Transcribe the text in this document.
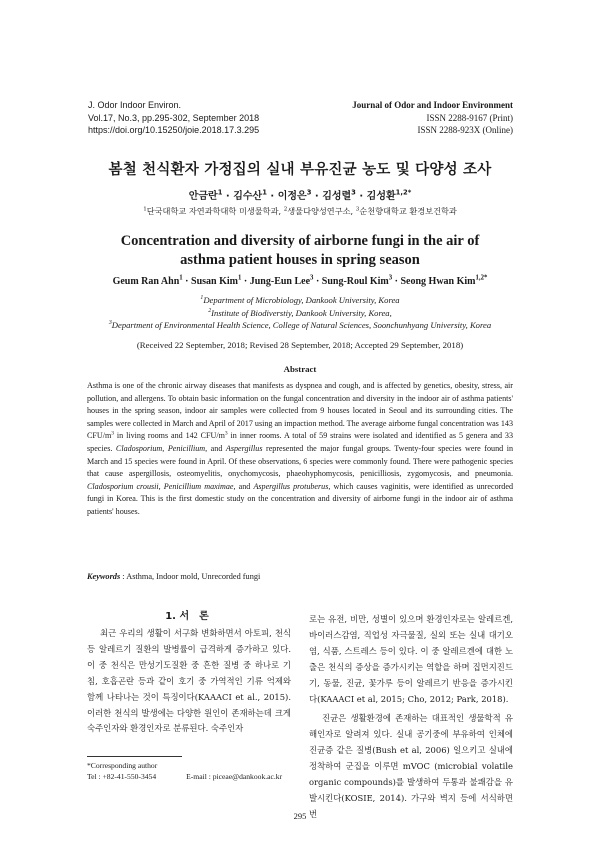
J. Odor Indoor Environ.
Vol.17, No.3, pp.295-302, September 2018
https://doi.org/10.15250/joie.2018.17.3.295
Journal of Odor and Indoor Environment
ISSN 2288-9167 (Print)
ISSN 2288-923X (Online)
봄철 천식환자 가정집의 실내 부유진균 농도 및 다양성 조사
안금란$^1$ · 김수산$^1$ · 이정은$^3$ · 김성렬$^3$ · 김성환$^{1,2*}$
$^1$단국대학교 자연과학대학 미생물학과, $^2$생물다양성연구소, $^3$순천향대학교 환경보건학과
Concentration and diversity of airborne fungi in the air of
asthma patient houses in spring season
Geum Ran Ahn$^1$ · Susan Kim$^1$ · Jung-Eun Lee$^3$ · Sung-Roul Kim$^3$ · Seong Hwan Kim$^{1,2*}$
$^1$Department of Microbiology, Dankook University, Korea
$^2$Institute of Biodiverstiy, Dankook University, Korea,
$^3$Department of Environmental Health Science, College of Natural Sciences, Soonchunhyang University, Korea
(Received 22 September, 2018; Revised 28 September, 2018; Accepted 29 September, 2018)
Abstract
Asthma is one of the chronic airway diseases that manifests as dyspnea and cough, and is affected by genetics, obesity, stress, air pollution, and allergens. To obtain basic information on the fungal concentration and diversity in the indoor air of asthma patients' houses in the spring season, indoor air samples were collected from 9 houses located in Seoul and its surrounding cities. The samples were collected in March and April of 2017 using an impaction method. The average airborne fungal concentration was 143 CFU/$m^3$ in living rooms and 142 CFU/$m^3$ in inner rooms. A total of 59 strains were isolated and identified as 5 genera and 33 species. Cladosporium, Penicillium, and Aspergillus represented the major fungal groups. Twenty-four species were found in March and 15 species were found in April. Of these observations, 6 species were commonly found. There were pathogenic species that cause aspergillosis, osteomyelitis, onychomycosis, phaeohyphomycosis, penicilliosis, zygomycosis, and pneumonia. Cladosporium crousii, Penicillium maximae, and Aspergillus protuberus, which causes vaginitis, were identified as unrecorded fungi in Korea. This is the first domestic study on the concentration and diversity of airborne fungi in the indoor air of asthma patients' houses.
Keywords : Asthma, Indoor mold, Unrecorded fungi
1. 서　론

최근 우리의 생활이 서구화 변화하면서 아토피, 천식 등 알레르기 질환의 발병률이 급격하게 증가하고 있다. 이 중 천식은 만성기도질환 중 흔한 질병 중 하나로 기침, 호흡곤란 등과 같이 호기 중 가역적인 기류 억제와 함께 나타나는 것이 특징이다(KAAACI et al., 2015). 이러한 천식의 발생에는 다양한 원인이 존재하는데 크게 숙주인자와 환경인자로 분류된다. 숙주인자

로는 유전, 비만, 성별이 있으며 환경인자로는 알레르겐, 바이러스감염, 직업성 자극물질, 실외 또는 실내 대기오염, 식품, 스트레스 등이 있다. 이 중 알레르겐에 대한 노출은 천식의 증상을 증가시키는 역할을 하며 집먼지진드기, 동물, 진균, 꽃가루 등이 알레르기 반응을 증가시킨다(KAAACI et al, 2015; Cho, 2012; Park, 2018).

진균은 생활환경에 존재하는 대표적인 생물학적 유해인자로 알려져 있다. 실내 공기중에 부유하여 인체에 진균증 같은 질병(Bush et al, 2006) 일으키고 실내에 정착하여 군집을 이루면 mVOC (microbial volatile organic compounds)를 발생하여 두통과 불쾌감을 유발시킨다(KOSIE, 2014). 가구와 벽지 등에 서식하면 번

*Corresponding author
Tel : +82-41-550-3454	E-mail : piceae@dankook.ac.kr
295
